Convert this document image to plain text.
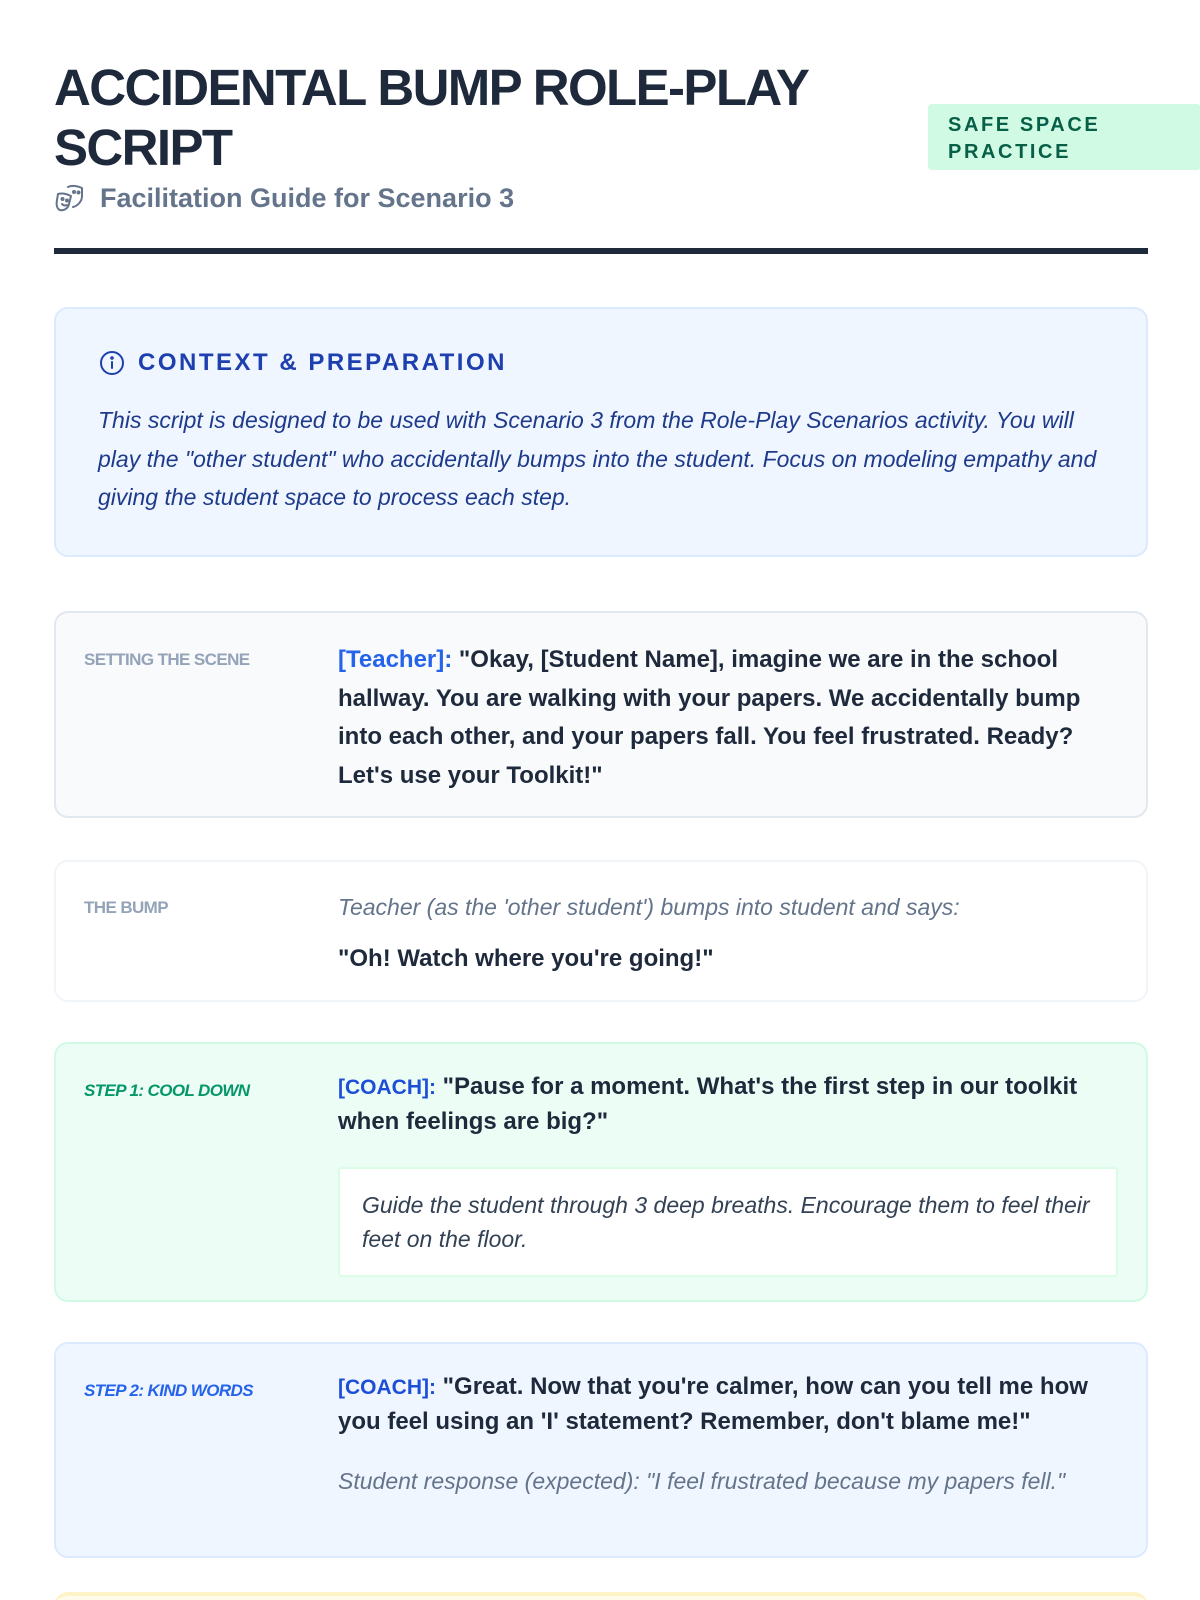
ACCIDENTAL BUMP ROLE-PLAY SCRIPT
Facilitation Guide for Scenario 3
SAFE SPACE PRACTICE
CONTEXT & PREPARATION

This script is designed to be used with Scenario 3 from the Role-Play Scenarios activity. You will play the "other student" who accidentally bumps into the student. Focus on modeling empathy and giving the student space to process each step.

SETTING THE SCENE	[Teacher]: "Okay, [Student Name], imagine we are in the school hallway. You are walking with your papers. We accidentally bump into each other, and your papers fall. You feel frustrated. Ready? Let's use your Toolkit!"
THE BUMP	Teacher (as the 'other student') bumps into student and says:

"Oh! Watch where you're going!"

STEP 1: COOL DOWN	[COACH]: "Pause for a moment. What's the first step in our toolkit when feelings are big?"

Guide the student through 3 deep breaths. Encourage them to feel their feet on the floor.
STEP 2: KIND WORDS	[COACH]: "Great. Now that you're calmer, how can you tell me how you feel using an 'I' statement? Remember, don't blame me!"

Student response (expected): "I feel frustrated because my papers fell."
